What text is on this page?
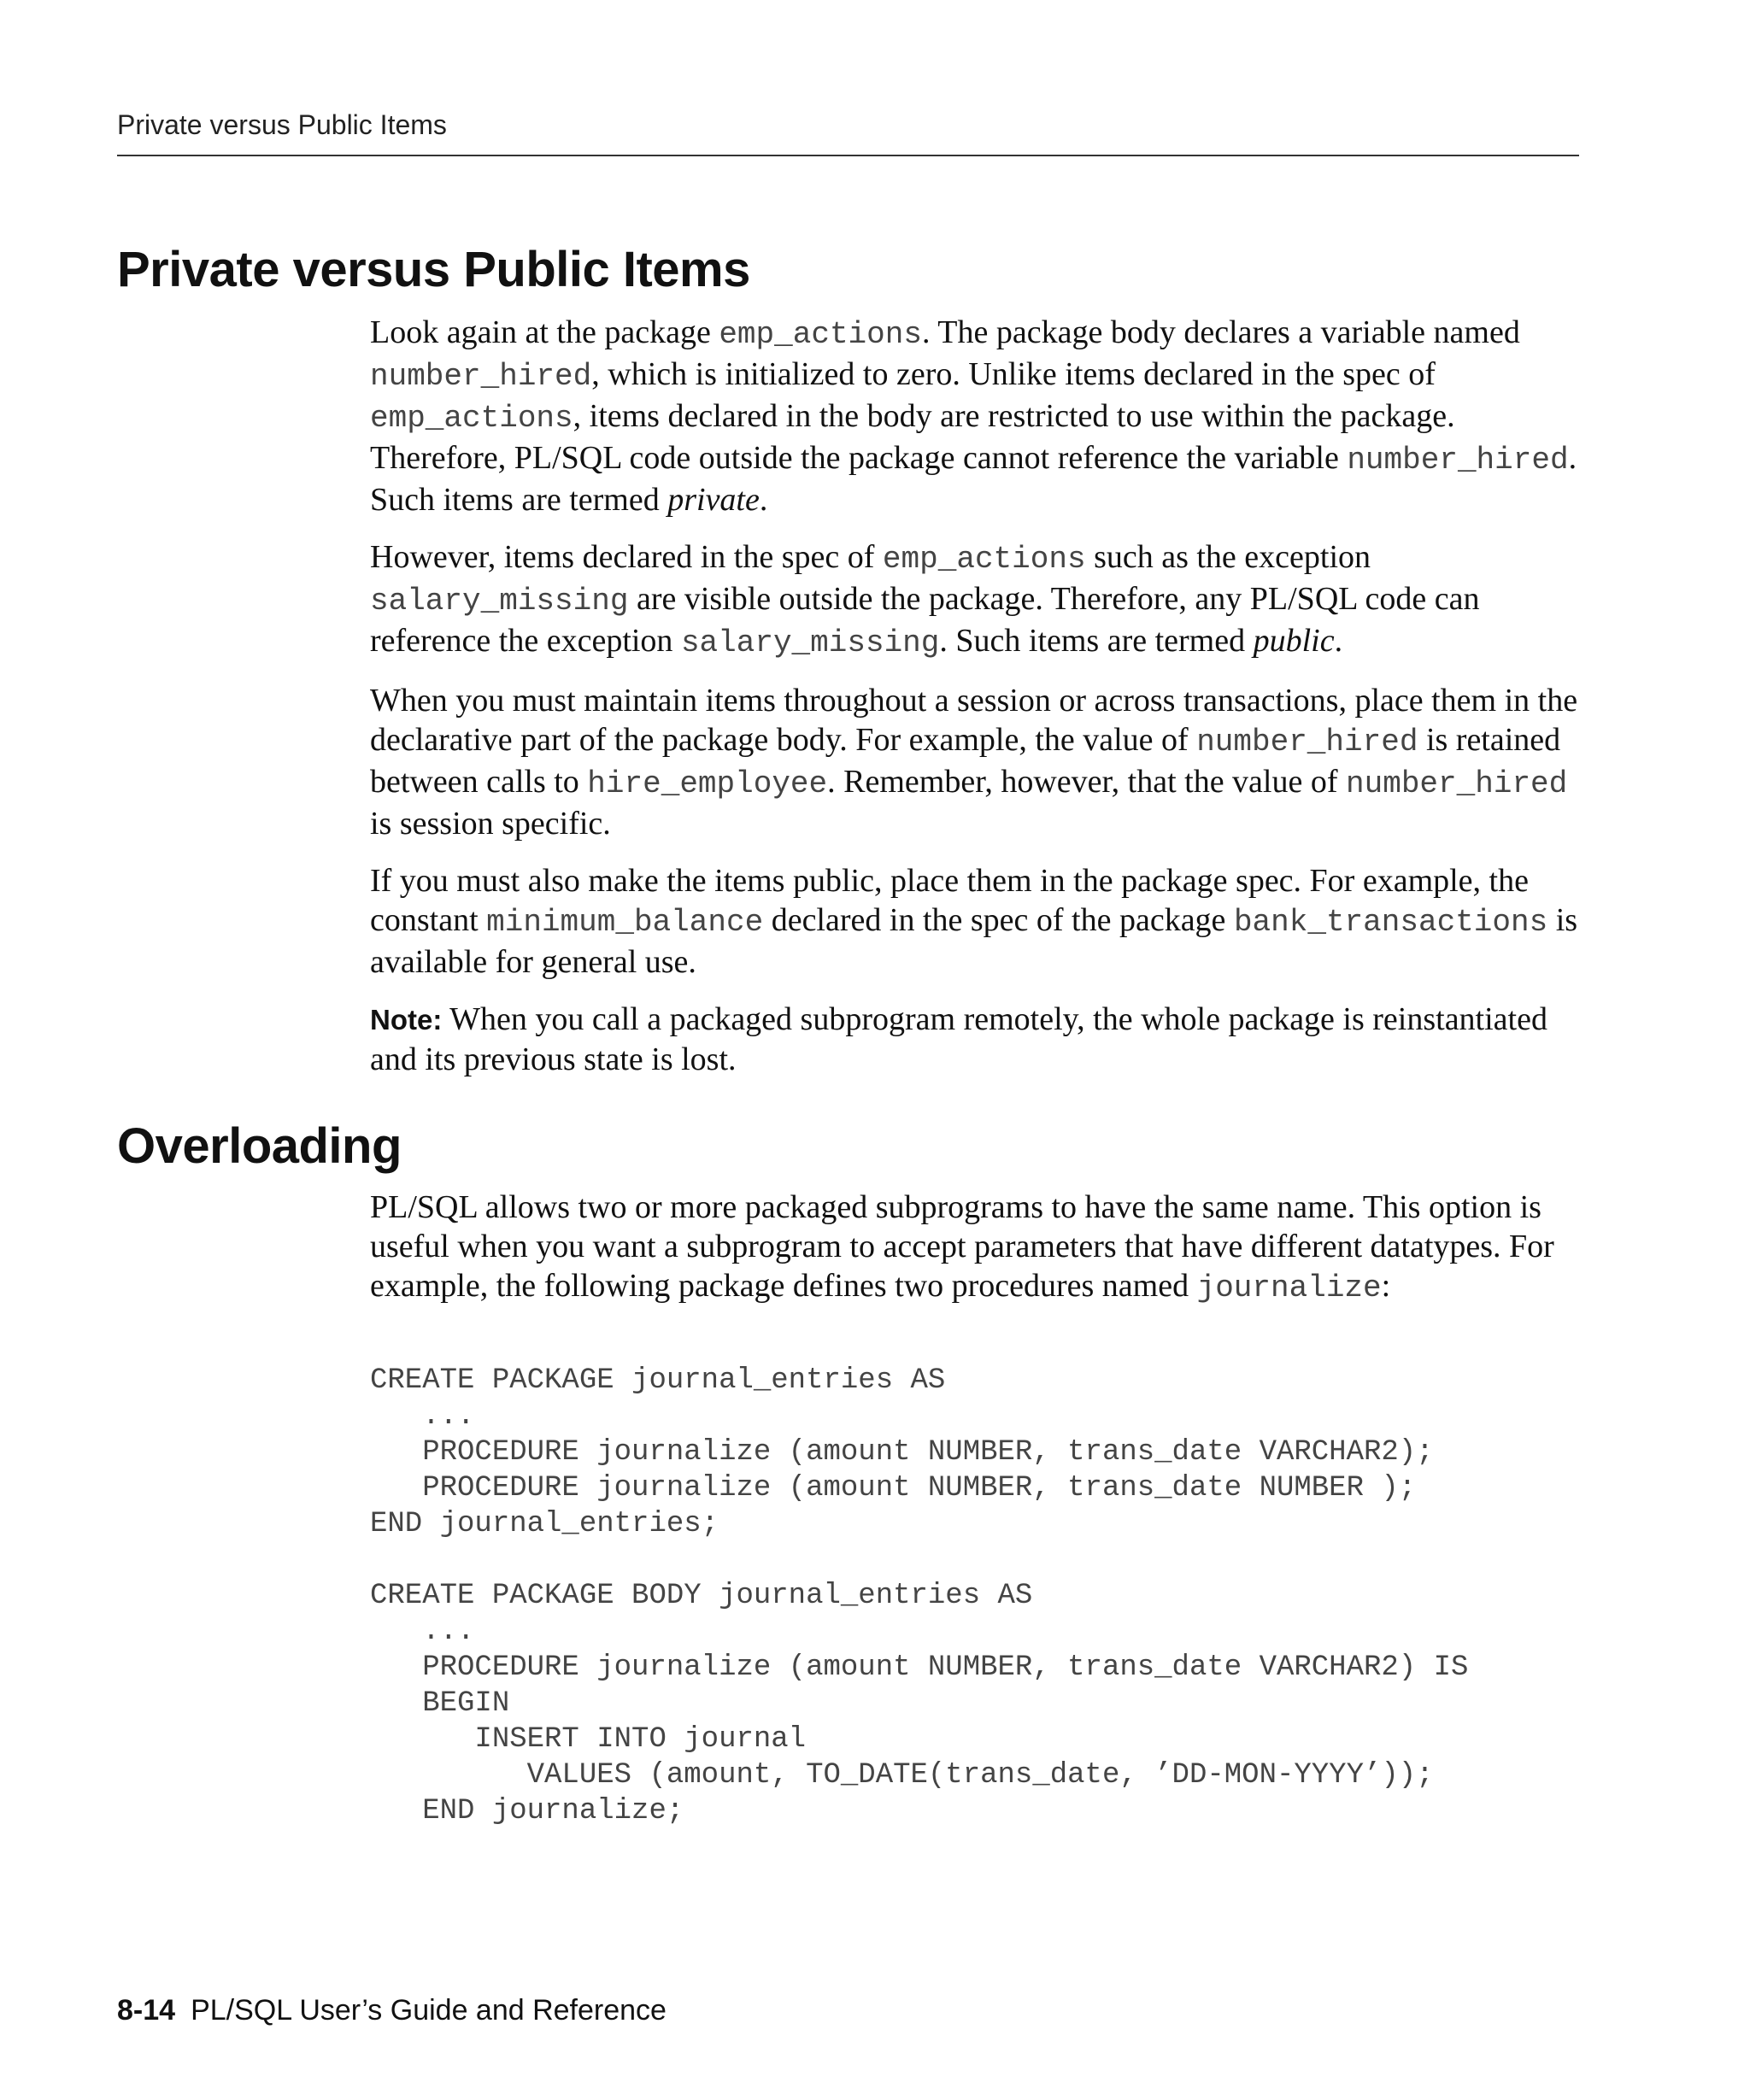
Private versus Public Items
Private versus Public Items

Look again at the package emp_actions. The package body declares a variable named number_hired, which is initialized to zero. Unlike items declared in the spec of emp_actions, items declared in the body are restricted to use within the package. Therefore, PL/SQL code outside the package cannot reference the variable number_hired. Such items are termed private.

However, items declared in the spec of emp_actions such as the exception salary_missing are visible outside the package. Therefore, any PL/SQL code can reference the exception salary_missing. Such items are termed public.

When you must maintain items throughout a session or across transactions, place them in the declarative part of the package body. For example, the value of number_hired is retained between calls to hire_employee. Remember, however, that the value of number_hired is session specific.

If you must also make the items public, place them in the package spec. For example, the constant minimum_balance declared in the spec of the package bank_transactions is available for general use.

Note: When you call a packaged subprogram remotely, the whole package is reinstantiated and its previous state is lost.

Overloading

PL/SQL allows two or more packaged subprograms to have the same name. This option is useful when you want a subprogram to accept parameters that have different datatypes. For example, the following package defines two procedures named journalize:

CREATE PACKAGE journal_entries AS
...
PROCEDURE journalize (amount NUMBER, trans_date VARCHAR2);
PROCEDURE journalize (amount NUMBER, trans_date NUMBER );
END journal_entries;

CREATE PACKAGE BODY journal_entries AS
...
PROCEDURE journalize (amount NUMBER, trans_date VARCHAR2) IS
BEGIN
INSERT INTO journal
VALUES (amount, TO_DATE(trans_date, ’DD-MON-YYYY’));
END journalize;
8-14 PL/SQL User’s Guide and Reference
